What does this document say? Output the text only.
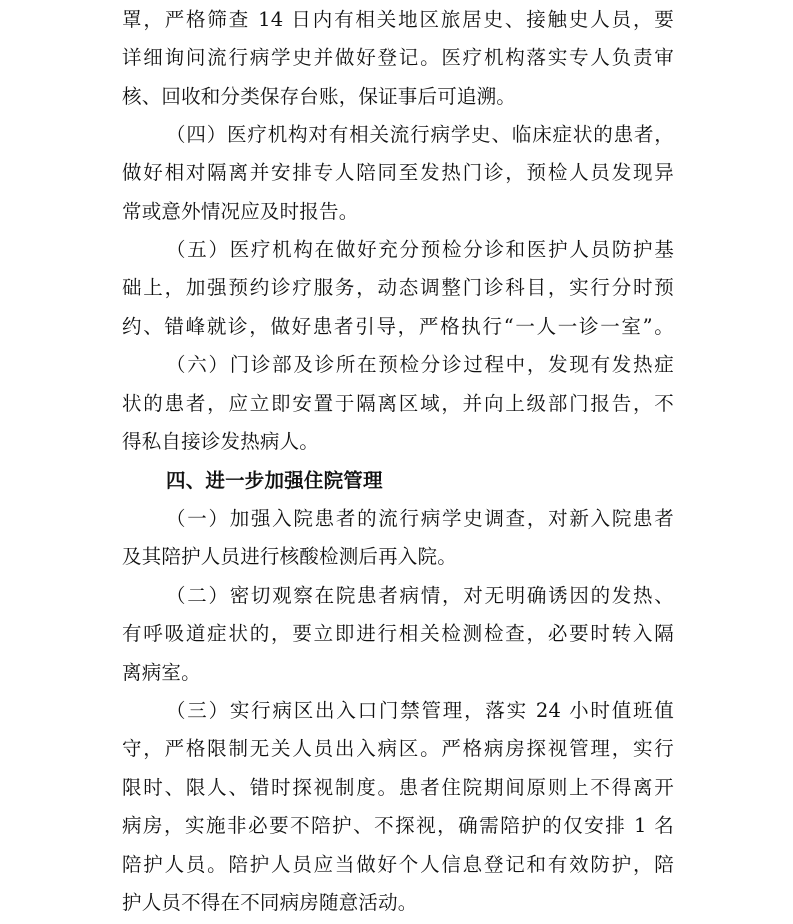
罩，严格筛查 14 日内有相关地区旅居史、接触史人员，要
详细询问流行病学史并做好登记。医疗机构落实专人负责审
核、回收和分类保存台账，保证事后可追溯。
（四）医疗机构对有相关流行病学史、临床症状的患者，
做好相对隔离并安排专人陪同至发热门诊，预检人员发现异
常或意外情况应及时报告。
（五）医疗机构在做好充分预检分诊和医护人员防护基
础上，加强预约诊疗服务，动态调整门诊科目，实行分时预
约、错峰就诊，做好患者引导，严格执行“一人一诊一室”。
（六）门诊部及诊所在预检分诊过程中，发现有发热症
状的患者，应立即安置于隔离区域，并向上级部门报告，不
得私自接诊发热病人。
四、进一步加强住院管理
（一）加强入院患者的流行病学史调查，对新入院患者
及其陪护人员进行核酸检测后再入院。
（二）密切观察在院患者病情，对无明确诱因的发热、
有呼吸道症状的，要立即进行相关检测检查，必要时转入隔
离病室。
（三）实行病区出入口门禁管理，落实 24 小时值班值
守，严格限制无关人员出入病区。严格病房探视管理，实行
限时、限人、错时探视制度。患者住院期间原则上不得离开
病房，实施非必要不陪护、不探视，确需陪护的仅安排 1 名
陪护人员。陪护人员应当做好个人信息登记和有效防护，陪
护人员不得在不同病房随意活动。
